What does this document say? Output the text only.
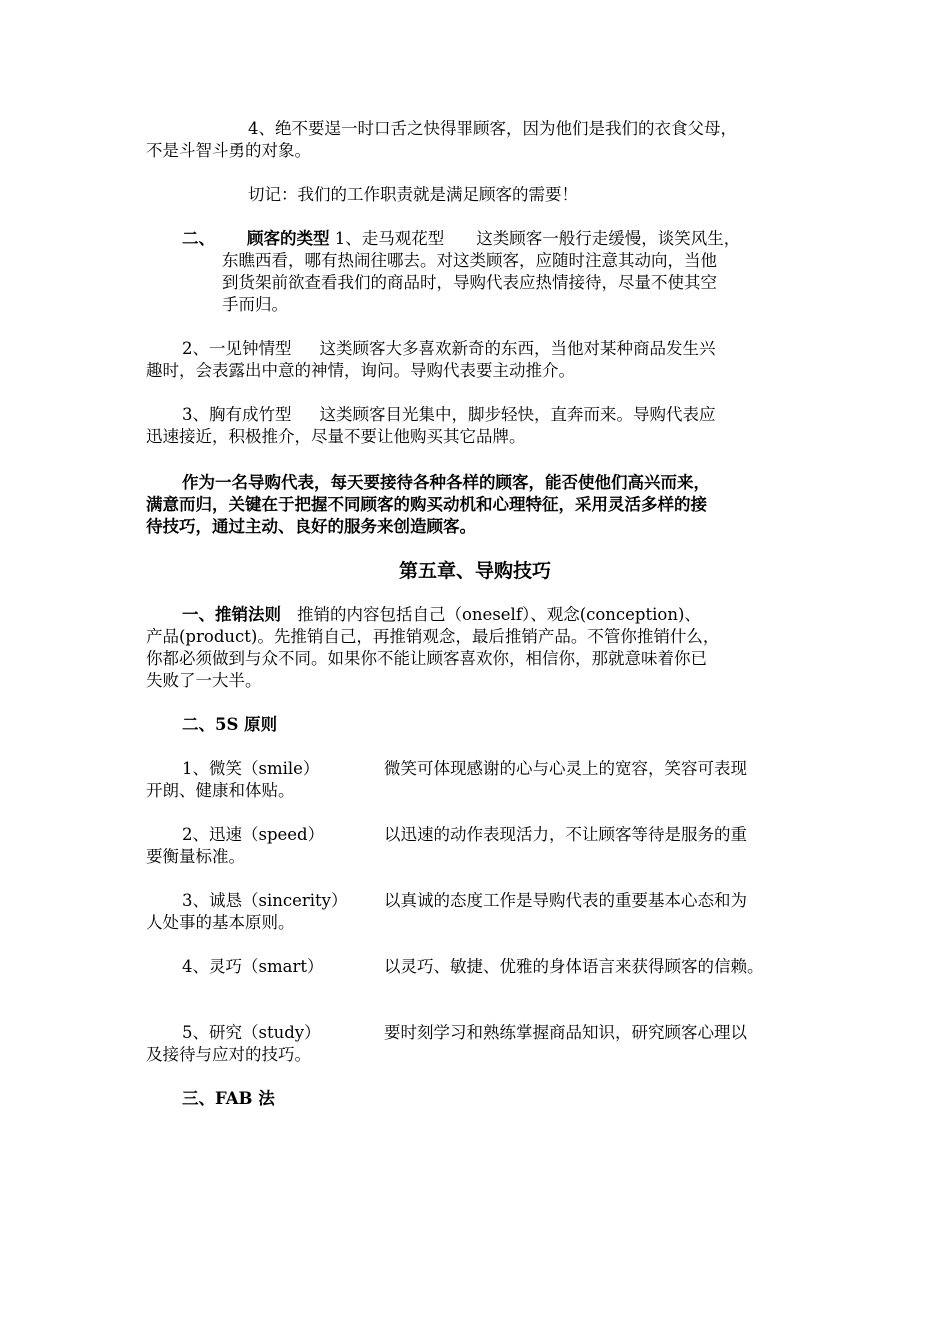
4、绝不要逞一时口舌之快得罪顾客，因为他们是我们的衣食父母，
不是斗智斗勇的对象。
切记：我们的工作职责就是满足顾客的需要！
二、 顾客的类型 1、走马观花型 这类顾客一般行走缓慢，谈笑风生，
东瞧西看，哪有热闹往哪去。对这类顾客，应随时注意其动向，当他
到货架前欲查看我们的商品时，导购代表应热情接待，尽量不使其空
手而归。
2、一见钟情型 这类顾客大多喜欢新奇的东西，当他对某种商品发生兴
趣时，会表露出中意的神情，询问。导购代表要主动推介。
3、胸有成竹型 这类顾客目光集中，脚步轻快，直奔而来。导购代表应
迅速接近，积极推介，尽量不要让他购买其它品牌。
作为一名导购代表，每天要接待各种各样的顾客，能否使他们高兴而来，
满意而归，关键在于把握不同顾客的购买动机和心理特征，采用灵活多样的接
待技巧，通过主动、良好的服务来创造顾客。
第五章、导购技巧
一、推销法则 推销的内容包括自己（oneself）、观念(conception)、
产品(product)。先推销自己，再推销观念，最后推销产品。不管你推销什么，
你都必须做到与众不同。如果你不能让顾客喜欢你，相信你，那就意味着你已
失败了一大半。
二、5S 原则
1、微笑（smile）	微笑可体现感谢的心与心灵上的宽容，笑容可表现
开朗、健康和体贴。
2、迅速（speed）	以迅速的动作表现活力，不让顾客等待是服务的重
要衡量标准。
3、诚恳（sincerity） 以真诚的态度工作是导购代表的重要基本心态和为
人处事的基本原则。
4、灵巧（smart）	以灵巧、敏捷、优雅的身体语言来获得顾客的信赖。
5、研究（study）	要时刻学习和熟练掌握商品知识，研究顾客心理以
及接待与应对的技巧。
三、FAB 法
